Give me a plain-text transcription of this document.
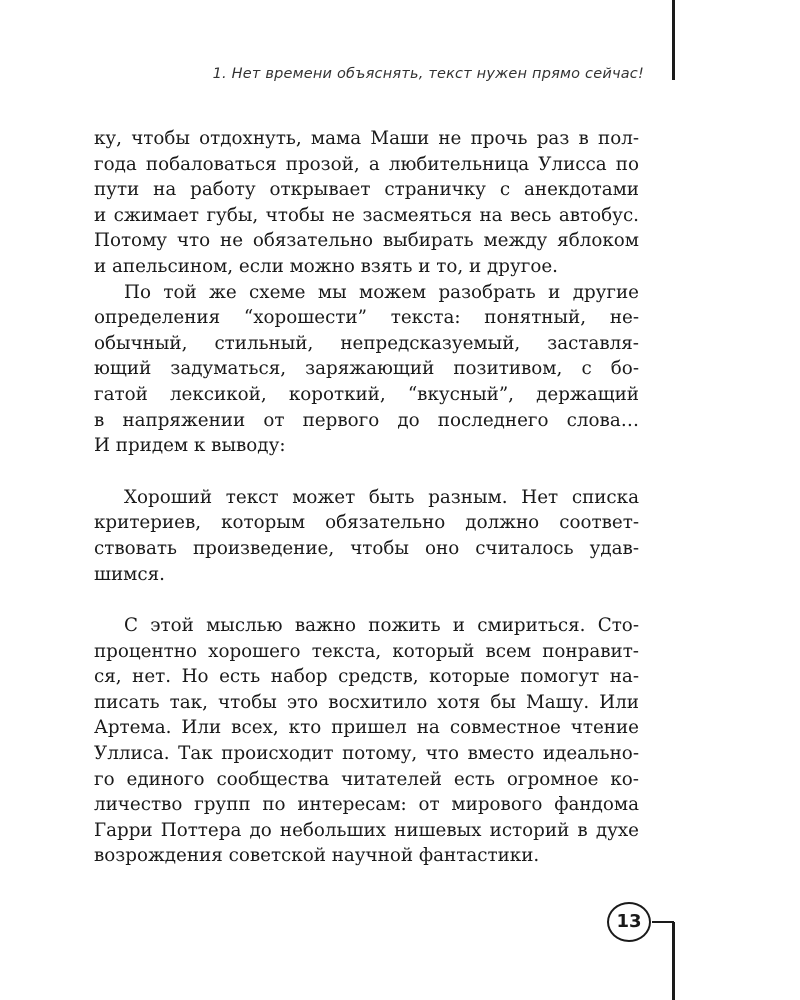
1. Нет времени объяснять, текст нужен прямо сейчас!
ку, чтобы отдохнуть, мама Маши не прочь раз в пол-
года побаловаться прозой, а любительница Улисса по
пути на работу открывает страничку с анекдотами
и сжимает губы, чтобы не засмеяться на весь автобус.
Потому что не обязательно выбирать между яблоком
и апельсином, если можно взять и то, и другое.
По той же схеме мы можем разобрать и другие
определения “хорошести” текста: понятный, не-
обычный, стильный, непредсказуемый, заставля-
ющий задуматься, заряжающий позитивом, с бо-
гатой лексикой, короткий, “вкусный”, держащий
в напряжении от первого до последнего слова…
И придем к выводу:
Хороший текст может быть разным. Нет списка
критериев, которым обязательно должно соответ-
ствовать произведение, чтобы оно считалось удав-
шимся.
С этой мыслью важно пожить и смириться. Сто-
процентно хорошего текста, который всем понравит-
ся, нет. Но есть набор средств, которые помогут на-
писать так, чтобы это восхитило хотя бы Машу. Или
Артема. Или всех, кто пришел на совместное чтение
Уллиса. Так происходит потому, что вместо идеально-
го единого сообщества читателей есть огромное ко-
личество групп по интересам: от мирового фандома
Гарри Поттера до небольших нишевых историй в духе
возрождения советской научной фантастики.
13
